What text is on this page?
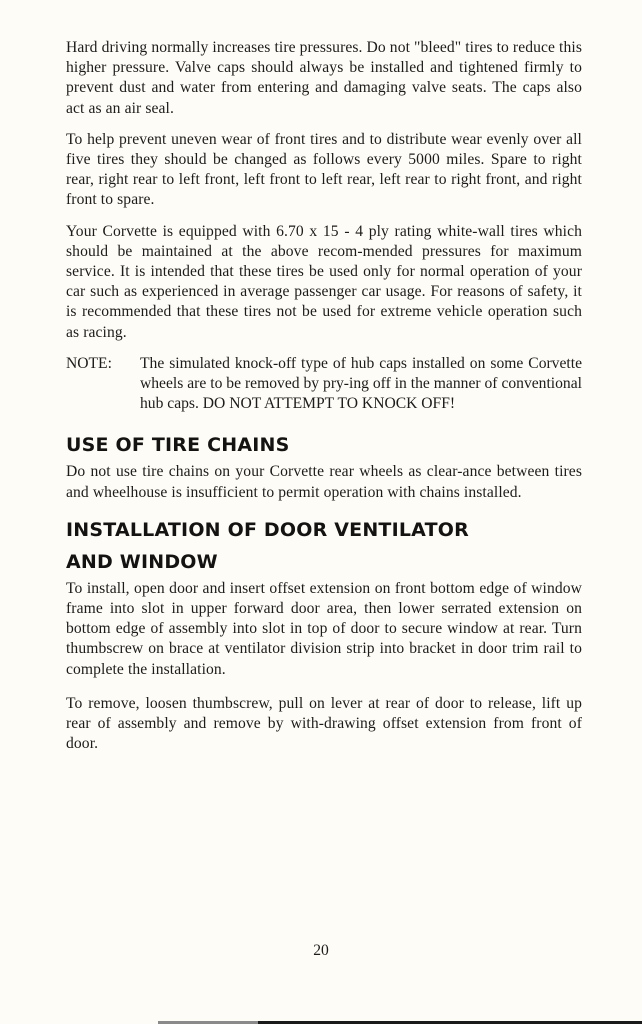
Hard driving normally increases tire pressures. Do not "bleed" tires to reduce this higher pressure. Valve caps should always be installed and tightened firmly to prevent dust and water from entering and damaging valve seats. The caps also act as an air seal.

To help prevent uneven wear of front tires and to distribute wear evenly over all five tires they should be changed as follows every 5000 miles. Spare to right rear, right rear to left front, left front to left rear, left rear to right front, and right front to spare.

Your Corvette is equipped with 6.70 x 15 - 4 ply rating white-wall tires which should be maintained at the above recom-mended pressures for maximum service. It is intended that these tires be used only for normal operation of your car such as experienced in average passenger car usage. For reasons of safety, it is recommended that these tires not be used for extreme vehicle operation such as racing.

NOTE:	The simulated knock-off type of hub caps installed on some Corvette wheels are to be removed by pry-ing off in the manner of conventional hub caps. DO NOT ATTEMPT TO KNOCK OFF!
USE OF TIRE CHAINS

Do not use tire chains on your Corvette rear wheels as clear-ance between tires and wheelhouse is insufficient to permit operation with chains installed.

INSTALLATION OF DOOR VENTILATOR
AND WINDOW

To install, open door and insert offset extension on front bottom edge of window frame into slot in upper forward door area, then lower serrated extension on bottom edge of assembly into slot in top of door to secure window at rear. Turn thumbscrew on brace at ventilator division strip into bracket in door trim rail to complete the installation.

To remove, loosen thumbscrew, pull on lever at rear of door to release, lift up rear of assembly and remove by with-drawing offset extension from front of door.

20
